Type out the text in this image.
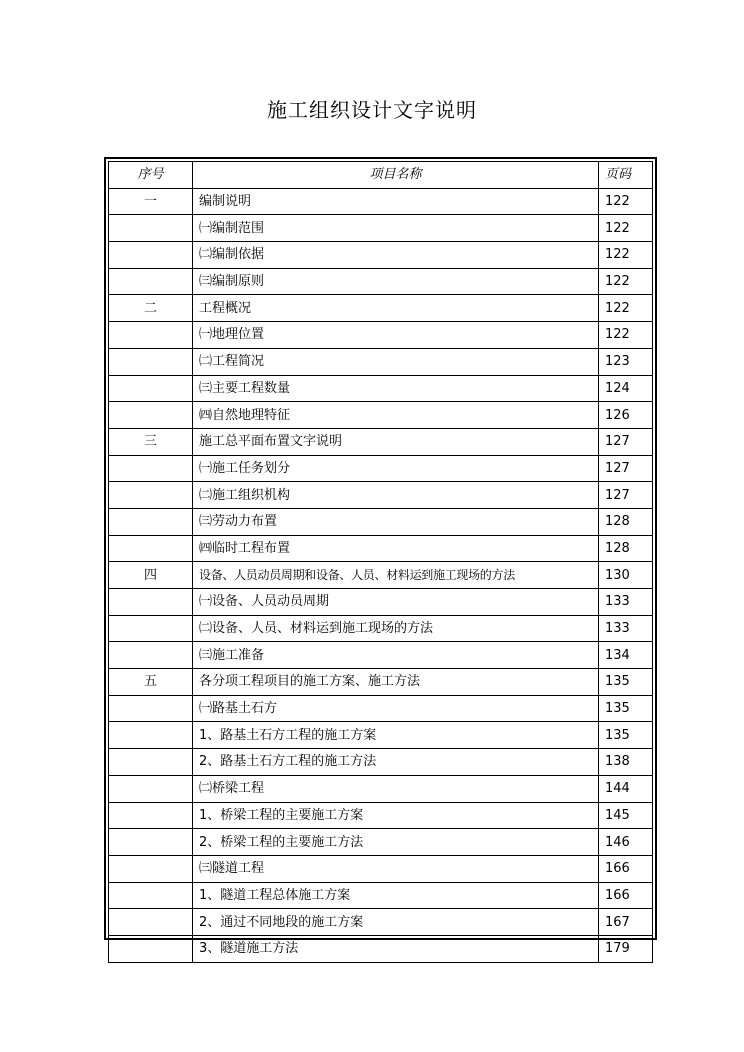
施工组织设计文字说明
序号	项目名称	页码
一	编制说明	122
	㈠编制范围	122
	㈡编制依据	122
	㈢编制原则	122
二	工程概况	122
	㈠地理位置	122
	㈡工程简况	123
	㈢主要工程数量	124
	㈣自然地理特征	126
三	施工总平面布置文字说明	127
	㈠施工任务划分	127
	㈡施工组织机构	127
	㈢劳动力布置	128
	㈣临时工程布置	128
四	设备、人员动员周期和设备、人员、材料运到施工现场的方法	130
	㈠设备、人员动员周期	133
	㈡设备、人员、材料运到施工现场的方法	133
	㈢施工准备	134
五	各分项工程项目的施工方案、施工方法	135
	㈠路基土石方	135
	1、路基土石方工程的施工方案	135
	2、路基土石方工程的施工方法	138
	㈡桥梁工程	144
	1、桥梁工程的主要施工方案	145
	2、桥梁工程的主要施工方法	146
	㈢隧道工程	166
	1、隧道工程总体施工方案	166
	2、通过不同地段的施工方案	167
	3、隧道施工方法	179
